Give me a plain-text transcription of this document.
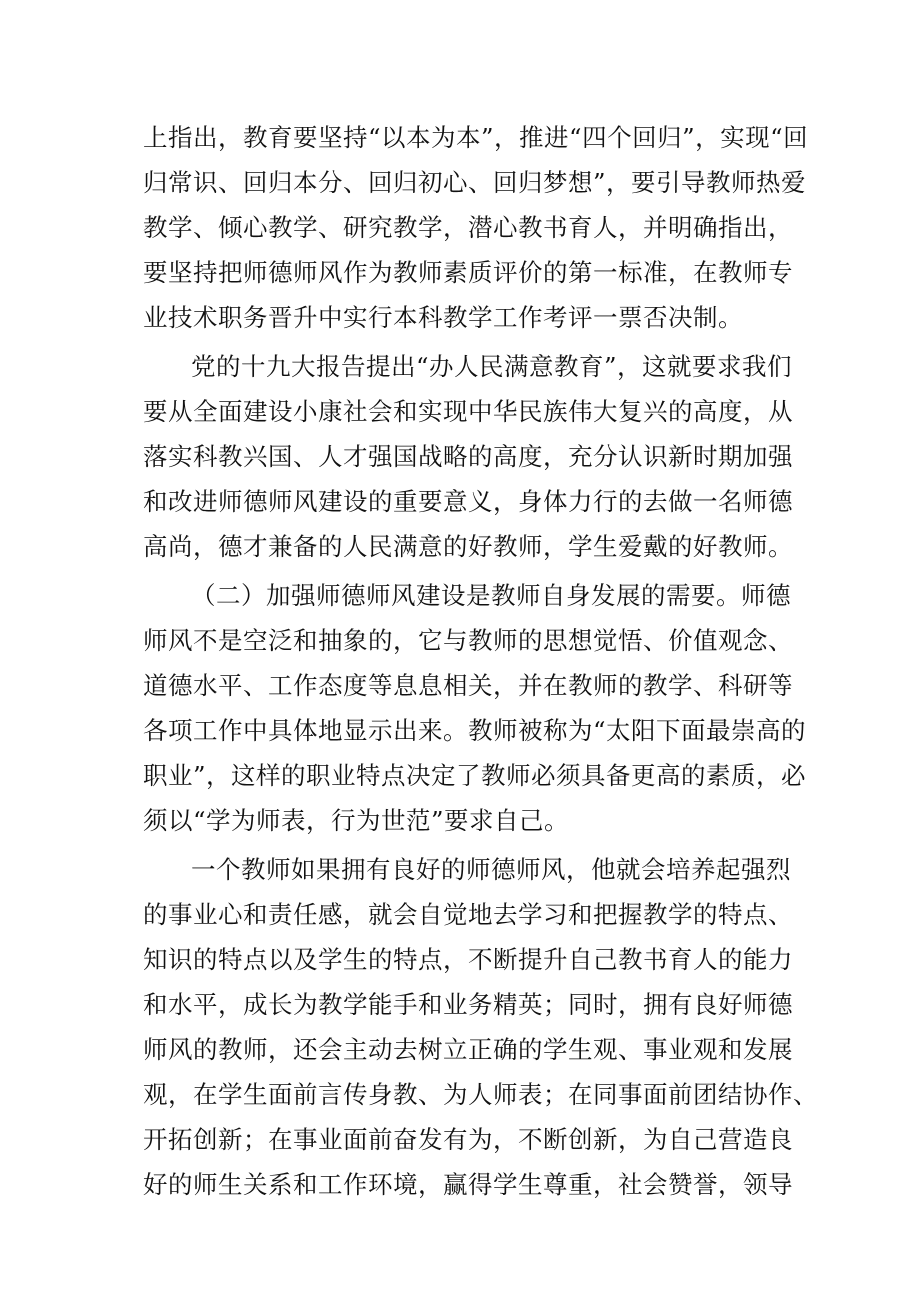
上指出，教育要坚持“以本为本”，推进“四个回归”，实现“回
归常识、回归本分、回归初心、回归梦想”，要引导教师热爱
教学、倾心教学、研究教学，潜心教书育人，并明确指出，
要坚持把师德师风作为教师素质评价的第一标准，在教师专
业技术职务晋升中实行本科教学工作考评一票否决制。
党的十九大报告提出“办人民满意教育”，这就要求我们
要从全面建设小康社会和实现中华民族伟大复兴的高度，从
落实科教兴国、人才强国战略的高度，充分认识新时期加强
和改进师德师风建设的重要意义，身体力行的去做一名师德
高尚，德才兼备的人民满意的好教师，学生爱戴的好教师。
（二）加强师德师风建设是教师自身发展的需要。师德
师风不是空泛和抽象的，它与教师的思想觉悟、价值观念、
道德水平、工作态度等息息相关，并在教师的教学、科研等
各项工作中具体地显示出来。教师被称为“太阳下面最崇高的
职业”，这样的职业特点决定了教师必须具备更高的素质，必
须以“学为师表，行为世范”要求自己。
一个教师如果拥有良好的师德师风，他就会培养起强烈
的事业心和责任感，就会自觉地去学习和把握教学的特点、
知识的特点以及学生的特点，不断提升自己教书育人的能力
和水平，成长为教学能手和业务精英；同时，拥有良好师德
师风的教师，还会主动去树立正确的学生观、事业观和发展
观，在学生面前言传身教、为人师表；在同事面前团结协作、
开拓创新；在事业面前奋发有为，不断创新，为自己营造良
好的师生关系和工作环境，赢得学生尊重，社会赞誉，领导
